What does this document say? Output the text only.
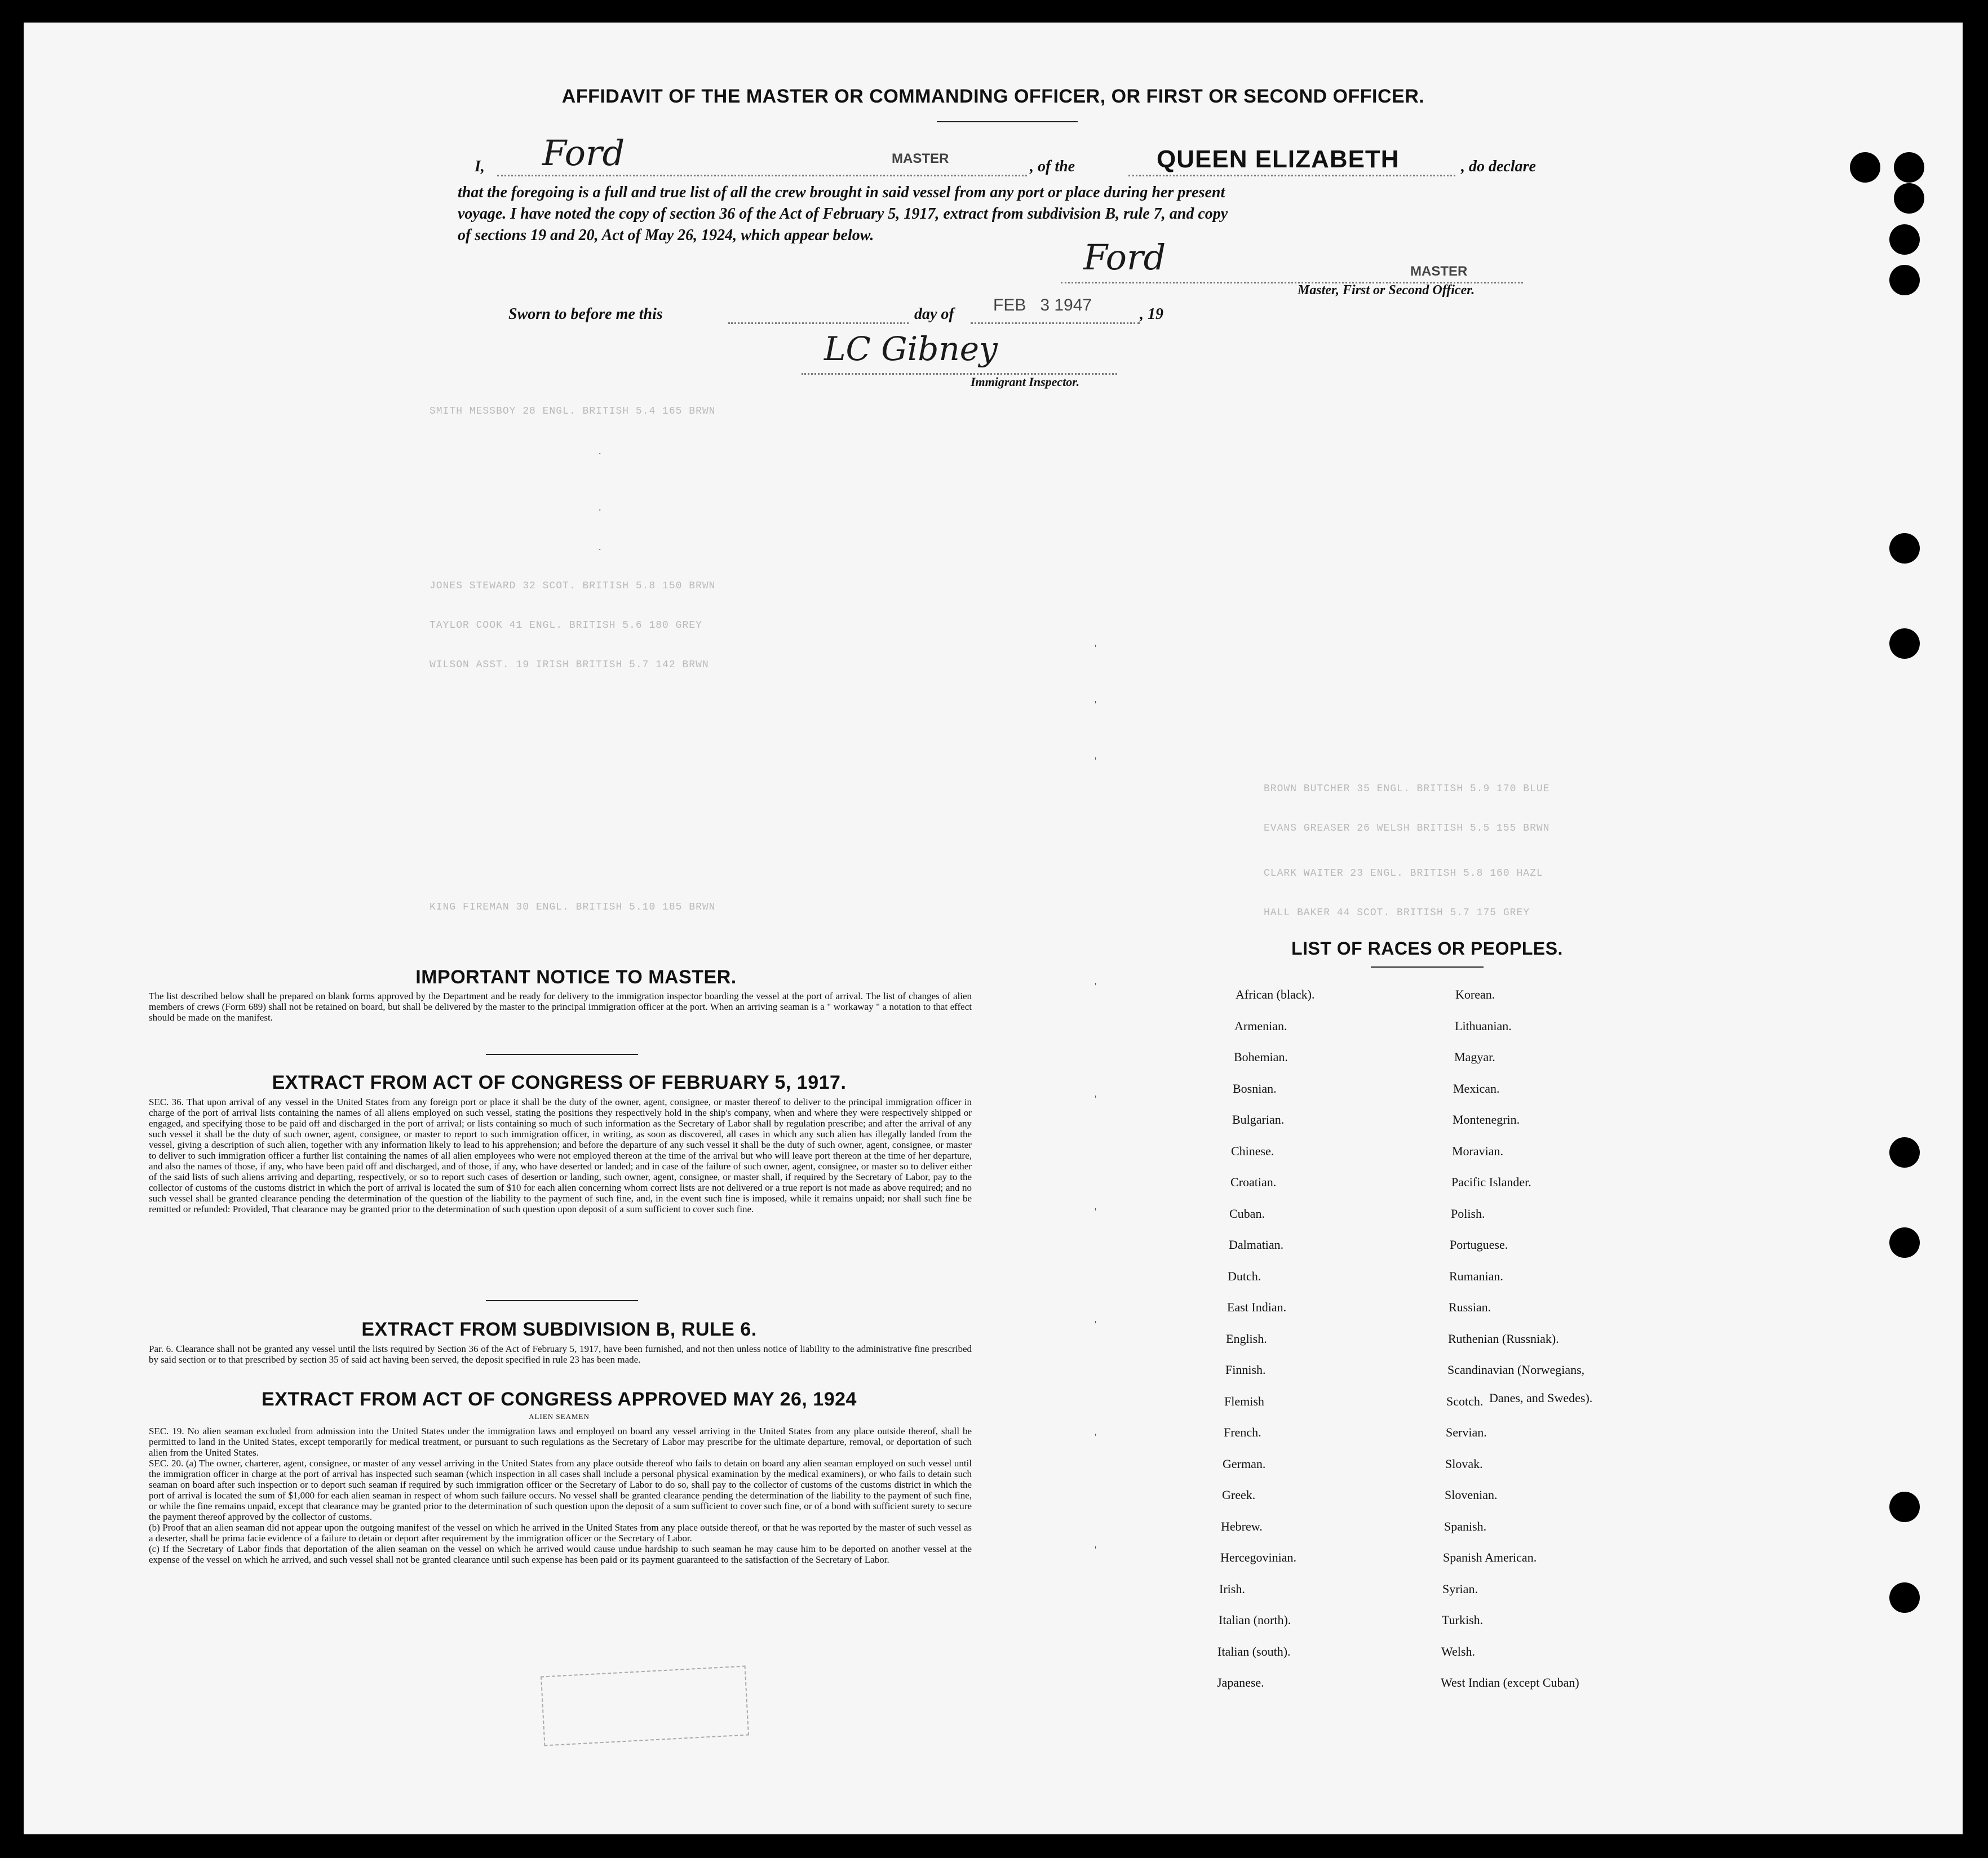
SMITH MESSBOY 28 ENGL. BRITISH 5.4 165 BRWN
JONES STEWARD 32 SCOT. BRITISH 5.8 150 BRWN
TAYLOR COOK 41 ENGL. BRITISH 5.6 180 GREY
WILSON ASST. 19 IRISH BRITISH 5.7 142 BRWN
BROWN BUTCHER 35 ENGL. BRITISH 5.9 170 BLUE
EVANS GREASER 26 WELSH BRITISH 5.5 155 BRWN
CLARK WAITER 23 ENGL. BRITISH 5.8 160 HAZL
HALL BAKER 44 SCOT. BRITISH 5.7 175 GREY
KING FIREMAN 30 ENGL. BRITISH 5.10 185 BRWN
.
.
.
'
'
'
'
'
'
'
'
'
AFFIDAVIT OF THE MASTER OR COMMANDING OFFICER, OR FIRST OR SECOND OFFICER.
I, Ford	MASTER	, of the	QUEEN ELIZABETH	, do declare
that the foregoing is a full and true list of all the crew brought in said vessel from any port or place during her present
voyage. I have noted the copy of section 36 of the Act of February 5, 1917, extract from subdivision B, rule 7, and copy
of sections 19 and 20, Act of May 26, 1924, which appear below.
Ford	MASTER
Master, First or Second Officer.
Sworn to before me this	day of FEB   3 1947	, 19
LC Gibney
Immigrant Inspector.
IMPORTANT NOTICE TO MASTER.
The list described below shall be prepared on blank forms approved by the Department and be ready for delivery to the immigration inspector boarding the vessel at the port of arrival. The list of changes of alien members of crews (Form 689) shall not be retained on board, but shall be delivered by the master to the principal immigration officer at the port. When an arriving seaman is a " workaway " a notation to that effect should be made on the manifest.
EXTRACT FROM ACT OF CONGRESS OF FEBRUARY 5, 1917.
SEC. 36. That upon arrival of any vessel in the United States from any foreign port or place it shall be the duty of the owner, agent, consignee, or master thereof to deliver to the principal immigration officer in charge of the port of arrival lists containing the names of all aliens employed on such vessel, stating the positions they respectively hold in the ship's company, when and where they were respectively shipped or engaged, and specifying those to be paid off and discharged in the port of arrival; or lists containing so much of such information as the Secretary of Labor shall by regulation prescribe; and after the arrival of any such vessel it shall be the duty of such owner, agent, consignee, or master to report to such immigration officer, in writing, as soon as discovered, all cases in which any such alien has illegally landed from the vessel, giving a description of such alien, together with any information likely to lead to his apprehension; and before the departure of any such vessel it shall be the duty of such owner, agent, consignee, or master to deliver to such immigration officer a further list containing the names of all alien employees who were not employed thereon at the time of the arrival but who will leave port thereon at the time of her departure, and also the names of those, if any, who have been paid off and discharged, and of those, if any, who have deserted or landed; and in case of the failure of such owner, agent, consignee, or master so to deliver either of the said lists of such aliens arriving and departing, respectively, or so to report such cases of desertion or landing, such owner, agent, consignee, or master shall, if required by the Secretary of Labor, pay to the collector of customs of the customs district in which the port of arrival is located the sum of $10 for each alien concerning whom correct lists are not delivered or a true report is not made as above required; and no such vessel shall be granted clearance pending the determination of the question of the liability to the payment of such fine, and, in the event such fine is imposed, while it remains unpaid; nor shall such fine be remitted or refunded: Provided, That clearance may be granted prior to the determination of such question upon deposit of a sum sufficient to cover such fine.
EXTRACT FROM SUBDIVISION B, RULE 6.
Par. 6. Clearance shall not be granted any vessel until the lists required by Section 36 of the Act of February 5, 1917, have been furnished, and not then unless notice of liability to the administrative fine prescribed by said section or to that prescribed by section 35 of said act having been served, the deposit specified in rule 23 has been made.
EXTRACT FROM ACT OF CONGRESS APPROVED MAY 26, 1924
ALIEN SEAMEN
SEC. 19. No alien seaman excluded from admission into the United States under the immigration laws and employed on board any vessel arriving in the United States from any place outside thereof, shall be permitted to land in the United States, except temporarily for medical treatment, or pursuant to such regulations as the Secretary of Labor may prescribe for the ultimate departure, removal, or deportation of such alien from the United States.
SEC. 20. (a) The owner, charterer, agent, consignee, or master of any vessel arriving in the United States from any place outside thereof who fails to detain on board any alien seaman employed on such vessel until the immigration officer in charge at the port of arrival has inspected such seaman (which inspection in all cases shall include a personal physical examination by the medical examiners), or who fails to detain such seaman on board after such inspection or to deport such seaman if required by such immigration officer or the Secretary of Labor to do so, shall pay to the collector of customs of the customs district in which the port of arrival is located the sum of $1,000 for each alien seaman in respect of whom such failure occurs. No vessel shall be granted clearance pending the determination of the liability to the payment of such fine, or while the fine remains unpaid, except that clearance may be granted prior to the determination of such question upon the deposit of a sum sufficient to cover such fine, or of a bond with sufficient surety to secure the payment thereof approved by the collector of customs.
(b) Proof that an alien seaman did not appear upon the outgoing manifest of the vessel on which he arrived in the United States from any place outside thereof, or that he was reported by the master of such vessel as a deserter, shall be prima facie evidence of a failure to detain or deport after requirement by the immigration officer or the Secretary of Labor.
(c) If the Secretary of Labor finds that deportation of the alien seaman on the vessel on which he arrived would cause undue hardship to such seaman he may cause him to be deported on another vessel at the expense of the vessel on which he arrived, and such vessel shall not be granted clearance until such expense has been paid or its payment guaranteed to the satisfaction of the Secretary of Labor.
LIST OF RACES OR PEOPLES.
African (black).
Armenian.
Bohemian.
Bosnian.
Bulgarian.
Chinese.
Croatian.
Cuban.
Dalmatian.
Dutch.
East Indian.
English.
Finnish.
Flemish
French.
German.
Greek.
Hebrew.
Hercegovinian.
Irish.
Italian (north).
Italian (south).
Japanese.
Korean.
Lithuanian.
Magyar.
Mexican.
Montenegrin.
Moravian.
Pacific Islander.
Polish.
Portuguese.
Rumanian.
Russian.
Ruthenian (Russniak).
Scandinavian (Norwegians,
Scotch.
Servian.
Slovak.
Slovenian.
Spanish.
Spanish American.
Syrian.
Turkish.
Welsh.
West Indian (except Cuban)
Danes, and Swedes).
